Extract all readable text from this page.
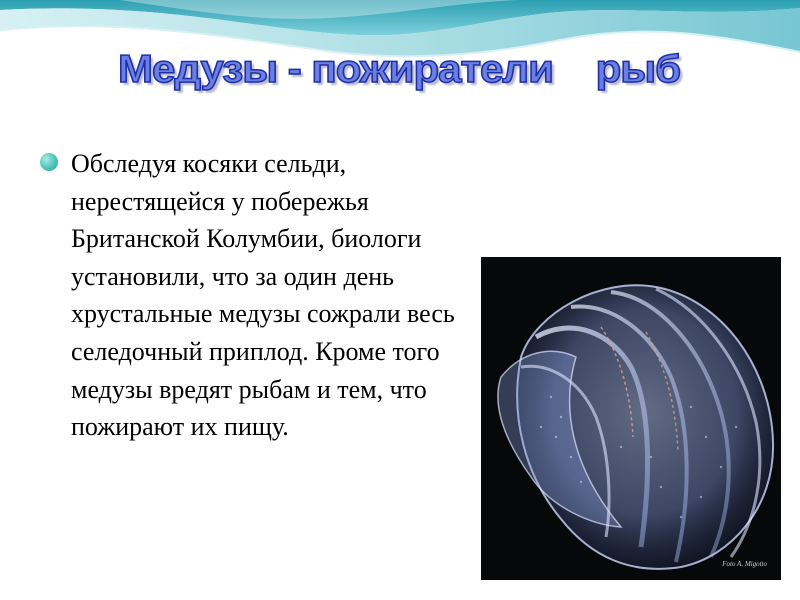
Медузы - пожиратели    рыб

Обследуя косяки сельди, нерестящейся у побережья Британской Колумбии, биологи установили, что за один день хрустальные медузы сожрали весь селедочный приплод. Кроме того медузы вредят рыбам и тем, что пожирают их пищу.

Foto A. Migotto
